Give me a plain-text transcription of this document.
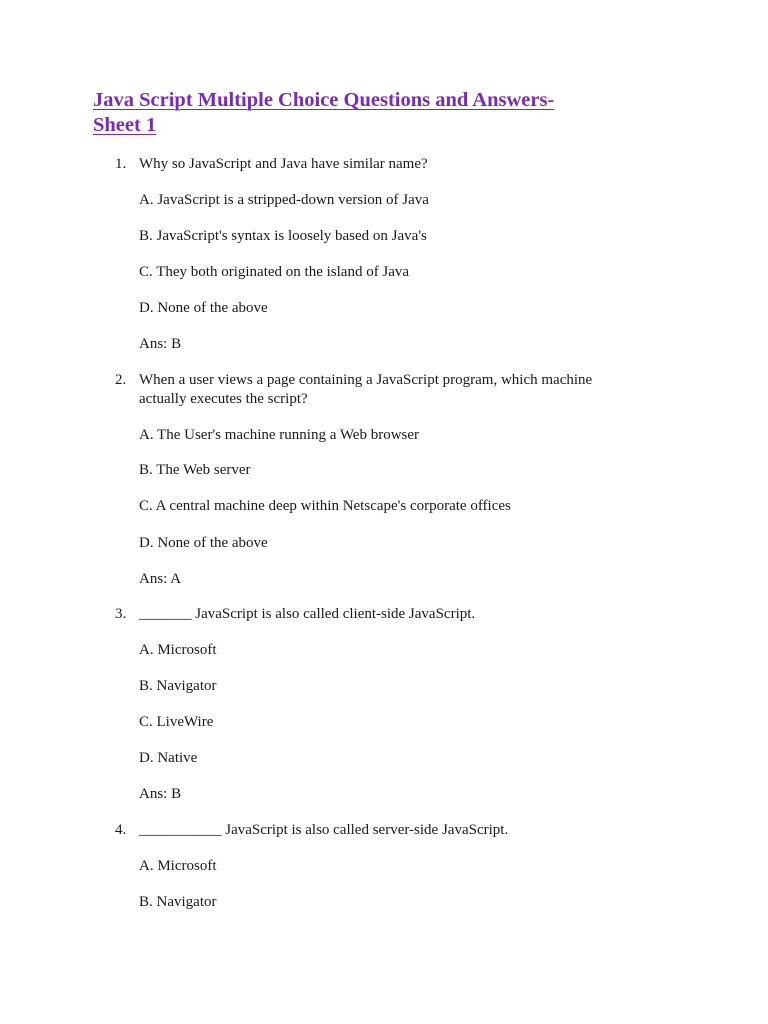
Java Script Multiple Choice Questions and Answers-
Sheet 1
1. Why so JavaScript and Java have similar name?
A. JavaScript is a stripped-down version of Java
B. JavaScript's syntax is loosely based on Java's
C. They both originated on the island of Java
D. None of the above
Ans: B
2. When a user views a page containing a JavaScript program, which machine
actually executes the script?
A. The User's machine running a Web browser
B. The Web server
C. A central machine deep within Netscape's corporate offices
D. None of the above
Ans: A
3. _______ JavaScript is also called client-side JavaScript.
A. Microsoft
B. Navigator
C. LiveWire
D. Native
Ans: B
4. ___________ JavaScript is also called server-side JavaScript.
A. Microsoft
B. Navigator
